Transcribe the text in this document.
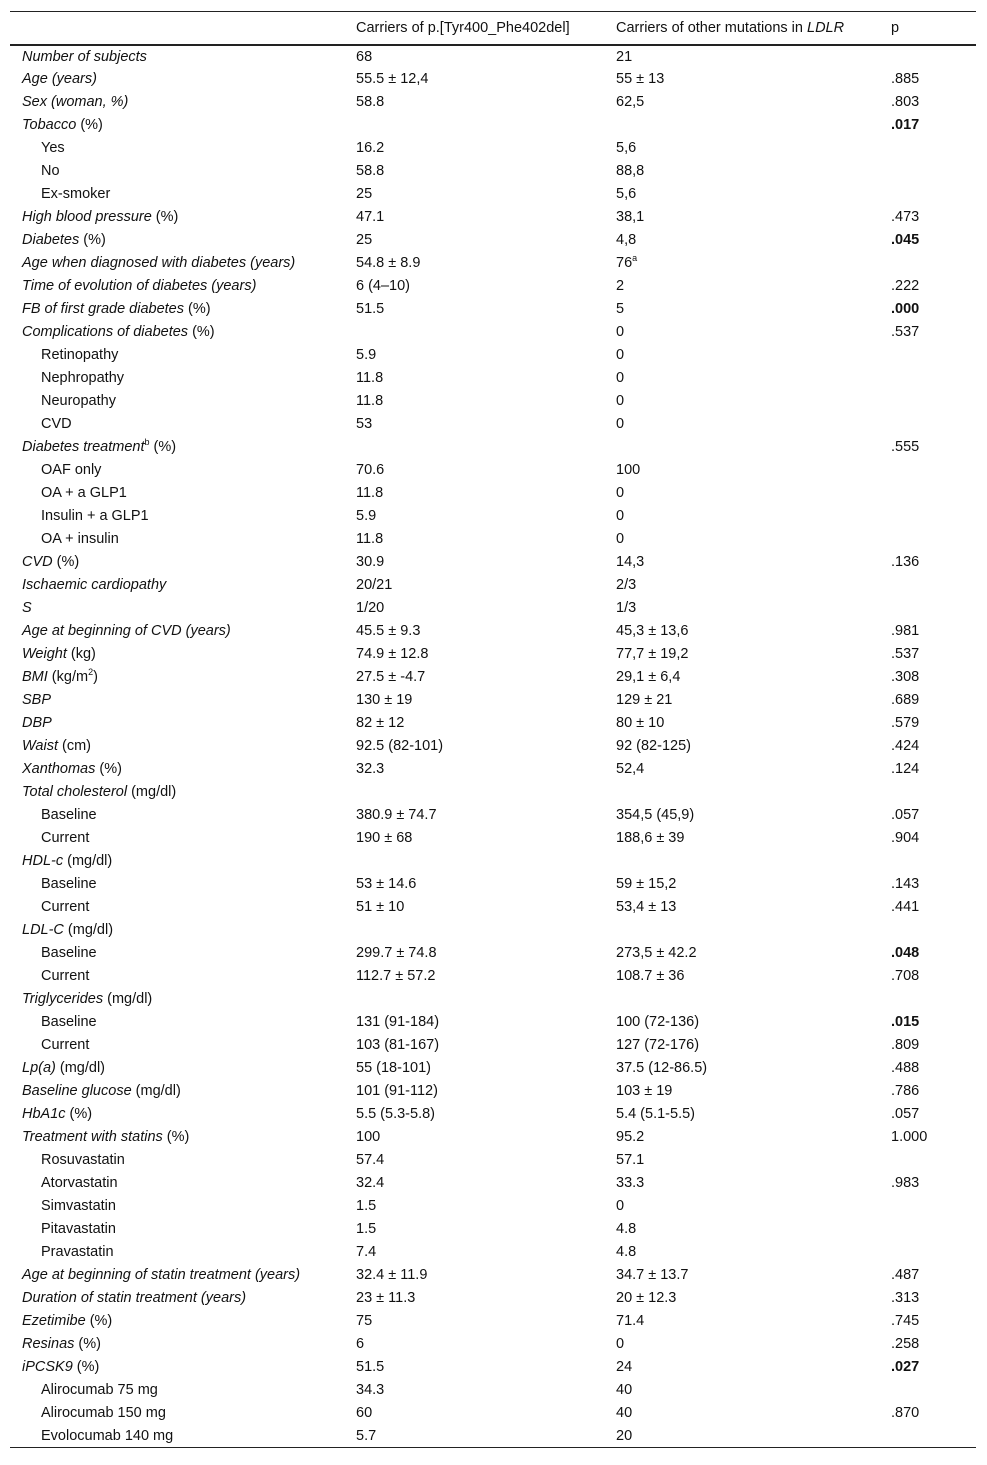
	Carriers of p.[Tyr400_Phe402del]	Carriers of other mutations in LDLR	p
Number of subjects	68	21	
Age (years)	55.5 ± 12,4	55 ± 13	.885
Sex (woman, %)	58.8	62,5	.803
Tobacco (%)			.017
Yes	16.2	5,6	
No	58.8	88,8	
Ex-smoker	25	5,6	
High blood pressure (%)	47.1	38,1	.473
Diabetes (%)	25	4,8	.045
Age when diagnosed with diabetes (years)	54.8 ± 8.9	76$^a$	
Time of evolution of diabetes (years)	6 (4–10)	2	.222
FB of first grade diabetes (%)	51.5	5	.000
Complications of diabetes (%)		0	.537
Retinopathy	5.9	0	
Nephropathy	11.8	0	
Neuropathy	11.8	0	
CVD	53	0	
Diabetes treatment$^b$ (%)			.555
OAF only	70.6	100	
OA + a GLP1	11.8	0	
Insulin + a GLP1	5.9	0	
OA + insulin	11.8	0	
CVD (%)	30.9	14,3	.136
Ischaemic cardiopathy	20/21	2/3	
S	1/20	1/3	
Age at beginning of CVD (years)	45.5 ± 9.3	45,3 ± 13,6	.981
Weight (kg)	74.9 ± 12.8	77,7 ± 19,2	.537
BMI $(kg/m^2)$	27.5 ± -4.7	29,1 ± 6,4	.308
SBP	130 ± 19	129 ± 21	.689
DBP	82 ± 12	80 ± 10	.579
Waist (cm)	92.5 (82-101)	92 (82-125)	.424
Xanthomas (%)	32.3	52,4	.124
Total cholesterol (mg/dl)			
Baseline	380.9 ± 74.7	354,5 (45,9)	.057
Current	190 ± 68	188,6 ± 39	.904
HDL-c (mg/dl)			
Baseline	53 ± 14.6	59 ± 15,2	.143
Current	51 ± 10	53,4 ± 13	.441
LDL-C (mg/dl)			
Baseline	299.7 ± 74.8	273,5 ± 42.2	.048
Current	112.7 ± 57.2	108.7 ± 36	.708
Triglycerides (mg/dl)			
Baseline	131 (91-184)	100 (72-136)	.015
Current	103 (81-167)	127 (72-176)	.809
Lp(a) (mg/dl)	55 (18-101)	37.5 (12-86.5)	.488
Baseline glucose (mg/dl)	101 (91-112)	103 ± 19	.786
HbA1c (%)	5.5 (5.3-5.8)	5.4 (5.1-5.5)	.057
Treatment with statins (%)	100	95.2	1.000
Rosuvastatin	57.4	57.1	
Atorvastatin	32.4	33.3	.983
Simvastatin	1.5	0	
Pitavastatin	1.5	4.8	
Pravastatin	7.4	4.8	
Age at beginning of statin treatment (years)	32.4 ± 11.9	34.7 ± 13.7	.487
Duration of statin treatment (years)	23 ± 11.3	20 ± 12.3	.313
Ezetimibe (%)	75	71.4	.745
Resinas (%)	6	0	.258
iPCSK9 (%)	51.5	24	.027
Alirocumab 75 mg	34.3	40	
Alirocumab 150 mg	60	40	.870
Evolocumab 140 mg	5.7	20	
